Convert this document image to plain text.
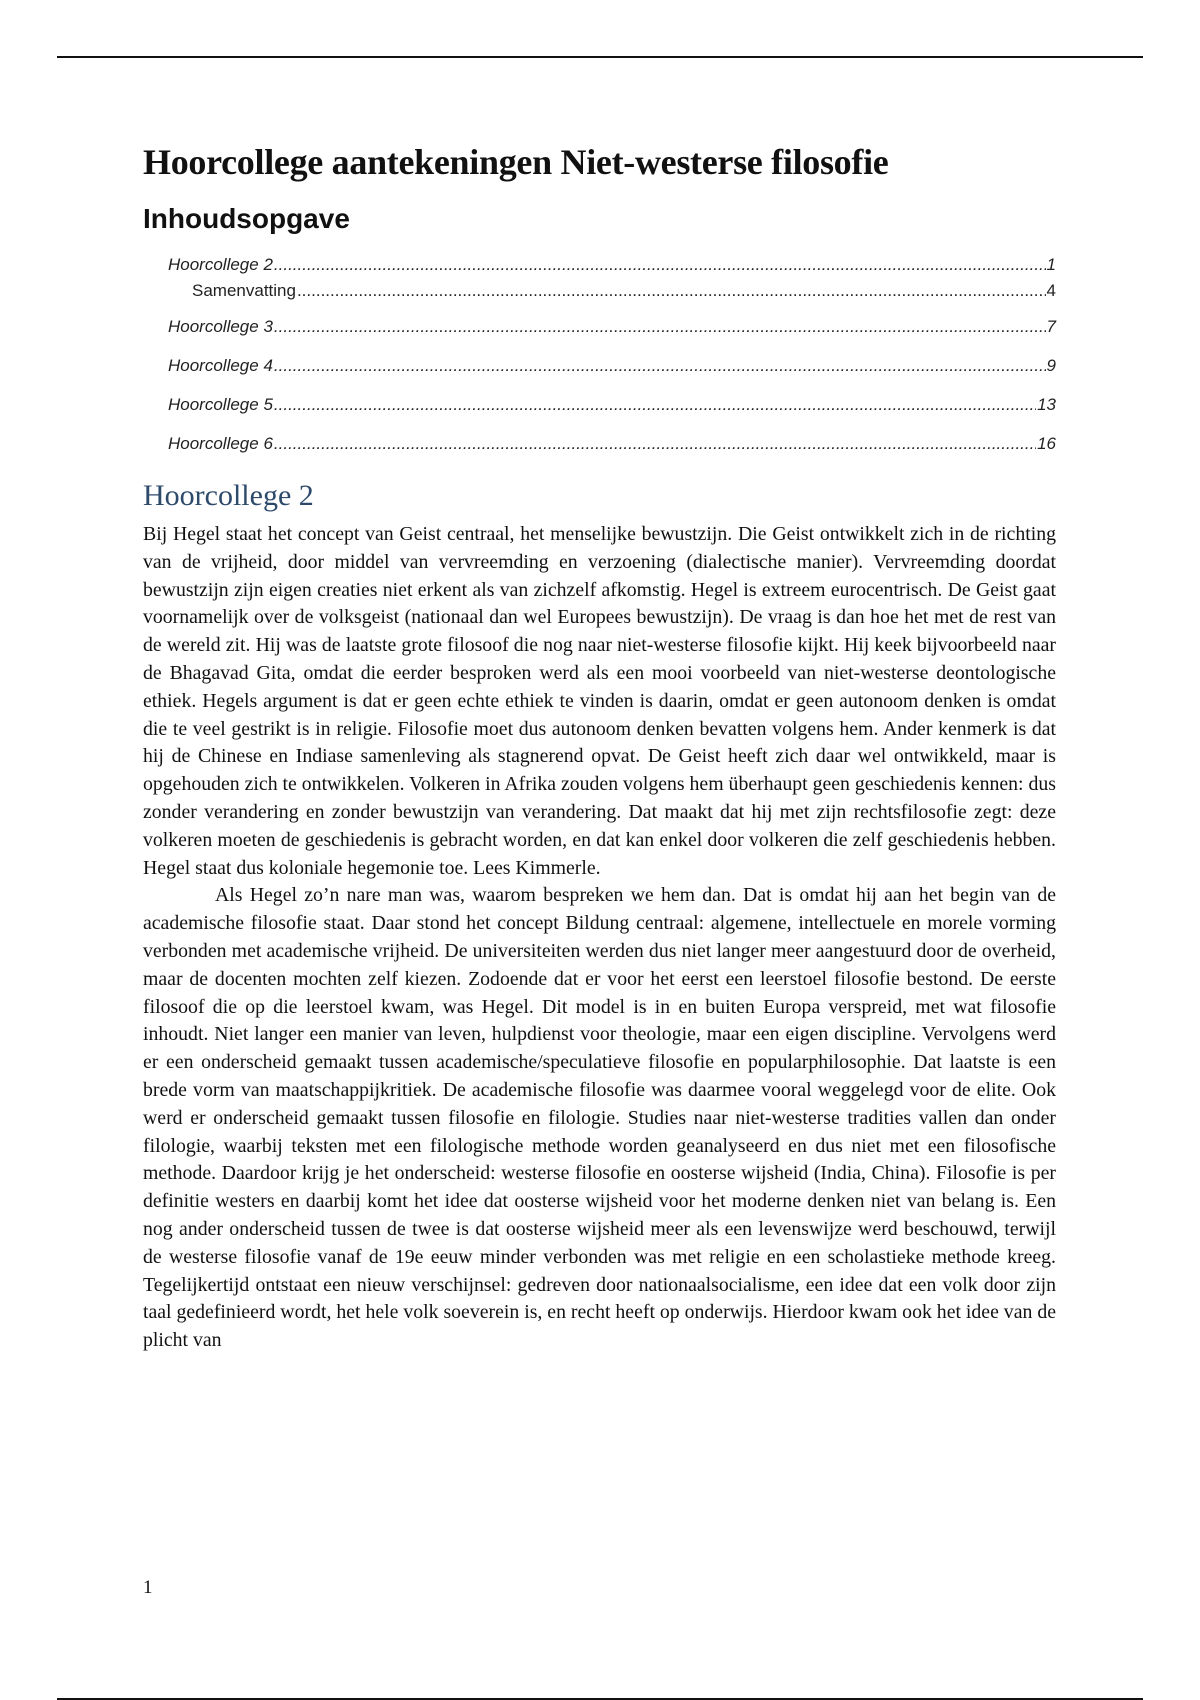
Hoorcollege aantekeningen Niet-westerse filosofie
Inhoudsopgave
Hoorcollege 2 .....	1
Samenvatting .....	4
Hoorcollege 3 .....	7
Hoorcollege 4 .....	9
Hoorcollege 5 .....	13
Hoorcollege 6 .....	16
Hoorcollege 2

Bij Hegel staat het concept van Geist centraal, het menselijke bewustzijn. Die Geist ontwikkelt zich in de richting van de vrijheid, door middel van vervreemding en verzoening (dialectische manier). Vervreemding doordat bewustzijn zijn eigen creaties niet erkent als van zichzelf afkomstig. Hegel is extreem eurocentrisch. De Geist gaat voornamelijk over de volksgeist (nationaal dan wel Europees bewustzijn). De vraag is dan hoe het met de rest van de wereld zit. Hij was de laatste grote filosoof die nog naar niet-westerse filosofie kijkt. Hij keek bijvoorbeeld naar de Bhagavad Gita, omdat die eerder besproken werd als een mooi voorbeeld van niet-westerse deontologische ethiek. Hegels argument is dat er geen echte ethiek te vinden is daarin, omdat er geen autonoom denken is omdat die te veel gestrikt is in religie. Filosofie moet dus autonoom denken bevatten volgens hem. Ander kenmerk is dat hij de Chinese en Indiase samenleving als stagnerend opvat. De Geist heeft zich daar wel ontwikkeld, maar is opgehouden zich te ontwikkelen. Volkeren in Afrika zouden volgens hem überhaupt geen geschiedenis kennen: dus zonder verandering en zonder bewustzijn van verandering. Dat maakt dat hij met zijn rechtsfilosofie zegt: deze volkeren moeten de geschiedenis is gebracht worden, en dat kan enkel door volkeren die zelf geschiedenis hebben. Hegel staat dus koloniale hegemonie toe. Lees Kimmerle.

Als Hegel zo’n nare man was, waarom bespreken we hem dan. Dat is omdat hij aan het begin van de academische filosofie staat. Daar stond het concept Bildung centraal: algemene, intellectuele en morele vorming verbonden met academische vrijheid. De universiteiten werden dus niet langer meer aangestuurd door de overheid, maar de docenten mochten zelf kiezen. Zodoende dat er voor het eerst een leerstoel filosofie bestond. De eerste filosoof die op die leerstoel kwam, was Hegel. Dit model is in en buiten Europa verspreid, met wat filosofie inhoudt. Niet langer een manier van leven, hulpdienst voor theologie, maar een eigen discipline. Vervolgens werd er een onderscheid gemaakt tussen academische/speculatieve filosofie en popularphilosophie. Dat laatste is een brede vorm van maatschappijkritiek. De academische filosofie was daarmee vooral weggelegd voor de elite. Ook werd er onderscheid gemaakt tussen filosofie en filologie. Studies naar niet-westerse tradities vallen dan onder filologie, waarbij teksten met een filologische methode worden geanalyseerd en dus niet met een filosofische methode. Daardoor krijg je het onderscheid: westerse filosofie en oosterse wijsheid (India, China). Filosofie is per definitie westers en daarbij komt het idee dat oosterse wijsheid voor het moderne denken niet van belang is. Een nog ander onderscheid tussen de twee is dat oosterse wijsheid meer als een levenswijze werd beschouwd, terwijl de westerse filosofie vanaf de 19e eeuw minder verbonden was met religie en een scholastieke methode kreeg. Tegelijkertijd ontstaat een nieuw verschijnsel: gedreven door nationaalsocialisme, een idee dat een volk door zijn taal gedefinieerd wordt, het hele volk soeverein is, en recht heeft op onderwijs. Hierdoor kwam ook het idee van de plicht van

1
